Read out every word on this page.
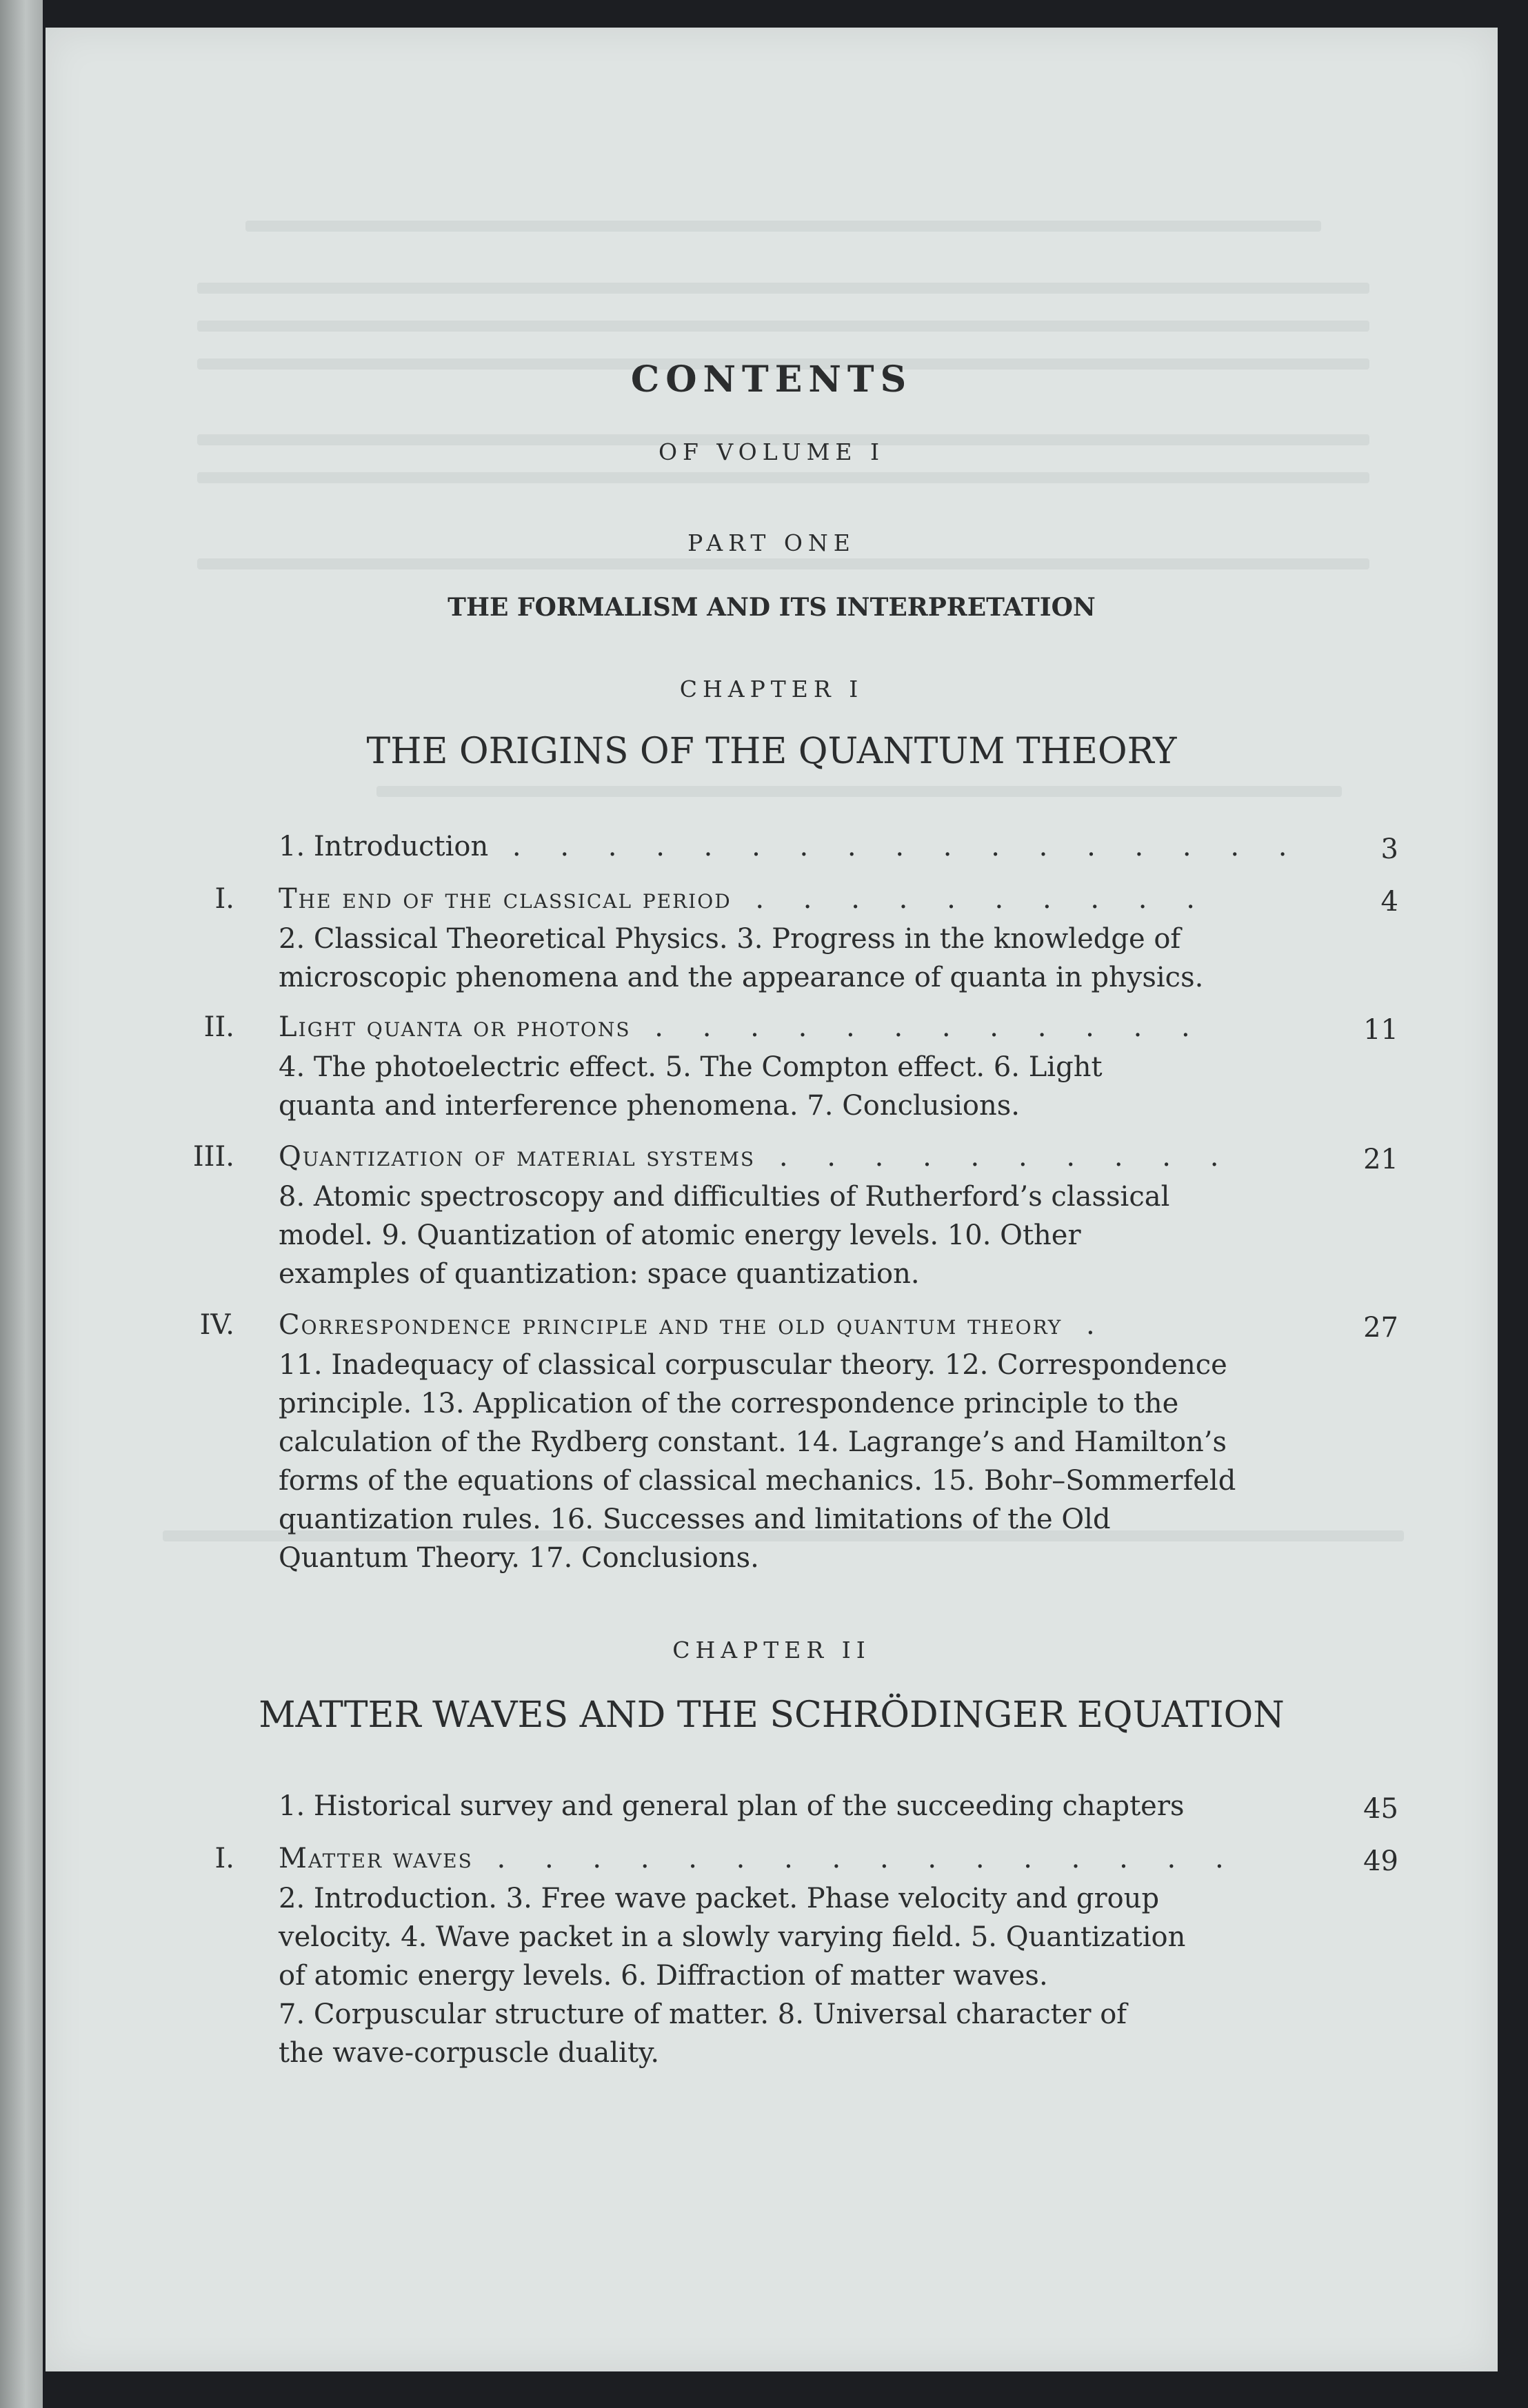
CONTENTS
OF VOLUME I
PART ONE
THE FORMALISM AND ITS INTERPRETATION
CHAPTER I
THE ORIGINS OF THE QUANTUM THEORY
1. Introduction . . . . . . . . . . . . . . . . .	3
I. The end of the classical period . . . . . . . . . .	4
2. Classical Theoretical Physics. 3. Progress in the knowledge of
microscopic phenomena and the appearance of quanta in physics.
II. Light quanta or photons . . . . . . . . . . . .	11
4. The photoelectric effect. 5. The Compton effect. 6. Light
quanta and interference phenomena. 7. Conclusions.
III. Quantization of material systems . . . . . . . . . .	21
8. Atomic spectroscopy and difficulties of Rutherford’s classical
model. 9. Quantization of atomic energy levels. 10. Other
examples of quantization: space quantization.
IV. Correspondence principle and the old quantum theory .	27
11. Inadequacy of classical corpuscular theory. 12. Correspondence
principle. 13. Application of the correspondence principle to the
calculation of the Rydberg constant. 14. Lagrange’s and Hamilton’s
forms of the equations of classical mechanics. 15. Bohr–Sommerfeld
quantization rules. 16. Successes and limitations of the Old
Quantum Theory. 17. Conclusions.
CHAPTER II
MATTER WAVES AND THE SCHRÖDINGER EQUATION
1. Historical survey and general plan of the succeeding chapters	45
I. Matter waves . . . . . . . . . . . . . . . .	49
2. Introduction. 3. Free wave packet. Phase velocity and group
velocity. 4. Wave packet in a slowly varying field. 5. Quantization
of atomic energy levels. 6. Diffraction of matter waves.
7. Corpuscular structure of matter. 8. Universal character of
the wave-corpuscle duality.
